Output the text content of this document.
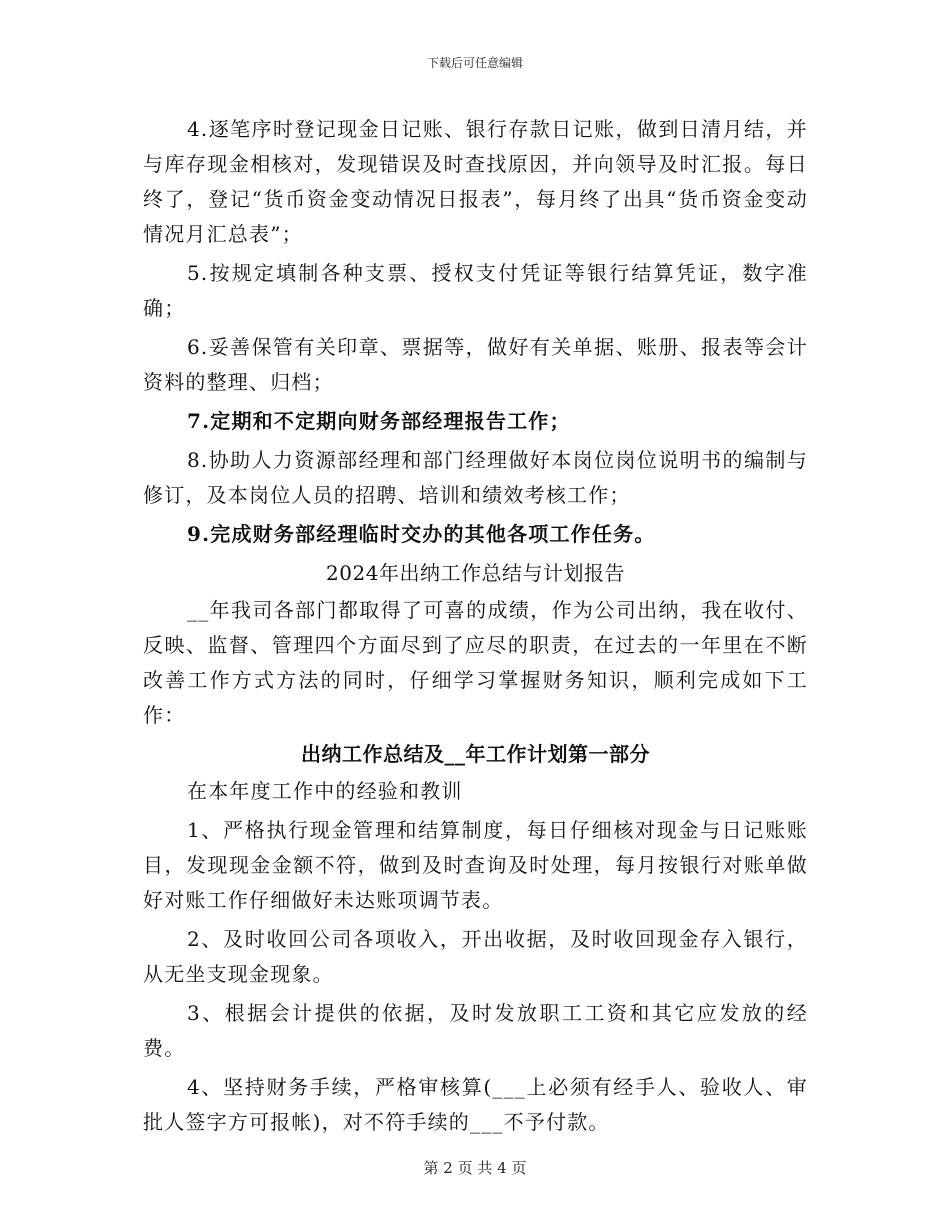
下载后可任意编辑

4.逐笔序时登记现金日记账、银行存款日记账，做到日清月结，并与库存现金相核对，发现错误及时查找原因，并向领导及时汇报。每日终了，登记“货币资金变动情况日报表”，每月终了出具“货币资金变动情况月汇总表”；

5.按规定填制各种支票、授权支付凭证等银行结算凭证，数字准确；

6.妥善保管有关印章、票据等，做好有关单据、账册、报表等会计资料的整理、归档；

7.定期和不定期向财务部经理报告工作；

8.协助人力资源部经理和部门经理做好本岗位岗位说明书的编制与修订，及本岗位人员的招聘、培训和绩效考核工作；

9.完成财务部经理临时交办的其他各项工作任务。

2024年出纳工作总结与计划报告

__年我司各部门都取得了可喜的成绩，作为公司出纳，我在收付、反映、监督、管理四个方面尽到了应尽的职责，在过去的一年里在不断改善工作方式方法的同时，仔细学习掌握财务知识，顺利完成如下工作：

出纳工作总结及__年工作计划第一部分

在本年度工作中的经验和教训

1、严格执行现金管理和结算制度，每日仔细核对现金与日记账账目，发现现金金额不符，做到及时查询及时处理，每月按银行对账单做好对账工作仔细做好未达账项调节表。

2、及时收回公司各项收入，开出收据，及时收回现金存入银行，从无坐支现金现象。

3、根据会计提供的依据，及时发放职工工资和其它应发放的经费。

4、坚持财务手续，严格审核算(___上必须有经手人、验收人、审批人签字方可报帐)，对不符手续的___不予付款。

第 2 页 共 4 页
